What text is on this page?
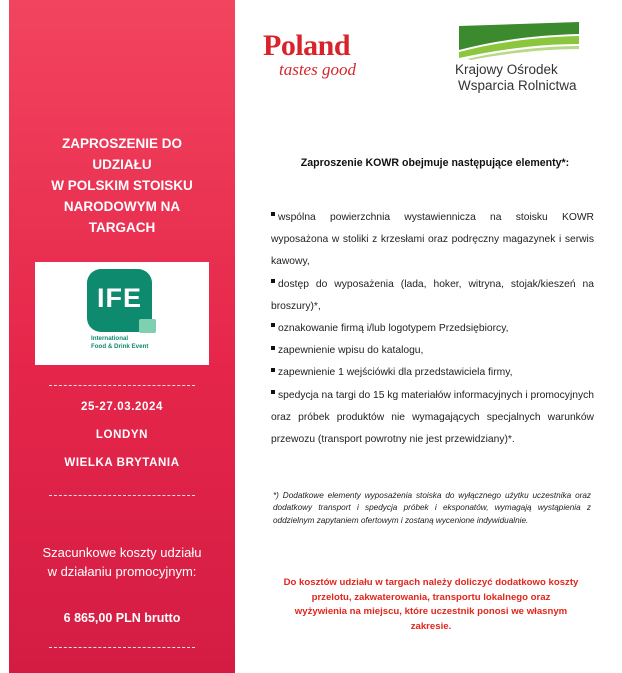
ZAPROSZENIE DO
UDZIAŁU
W POLSKIM STOISKU
NARODOWYM NA
TARGACH
IFE
International
Food & Drink Event
25-27.03.2024
LONDYN
WIELKA BRYTANIA
Szacunkowe koszty udziału
w działaniu promocyjnym:
6 865,00 PLN brutto
Poland
tastes good	Krajowy Ośrodek
Wsparcia Rolnictwa
Zaproszenie KOWR obejmuje następujące elementy*:
wspólna powierzchnia wystawiennicza na stoisku KOWR wyposażona w stoliki z krzesłami oraz podręczny magazynek i serwis kawowy,
dostęp do wyposażenia (lada, hoker, witryna, stojak/kieszeń na broszury)*,
oznakowanie firmą i/lub logotypem Przedsiębiorcy,
zapewnienie wpisu do katalogu,
zapewnienie 1 wejściówki dla przedstawiciela firmy,
spedycja na targi do 15 kg materiałów informacyjnych i promocyjnych oraz próbek produktów nie wymagających specjalnych warunków przewozu (transport powrotny nie jest przewidziany)*.
*) Dodatkowe elementy wyposażenia stoiska do wyłącznego użytku uczestnika oraz dodatkowy transport i spedycja próbek i eksponatów, wymagają wystąpienia z oddzielnym zapytaniem ofertowym i zostaną wycenione indywidualnie.
Do kosztów udziału w targach należy doliczyć dodatkowo koszty
przelotu, zakwaterowania, transportu lokalnego oraz
wyżywienia na miejscu, które uczestnik ponosi we własnym
zakresie.
